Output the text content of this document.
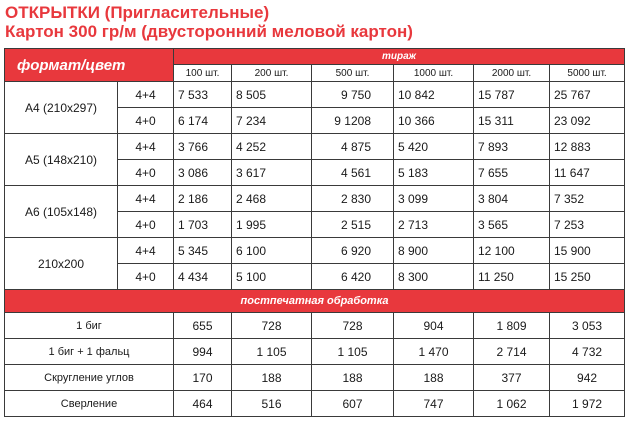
ОТКРЫТКИ (Пригласительные)
Картон 300 гр/м (двусторонний меловой картон)
формат/цвет		тираж					
		100 шт.	200 шт.	500 шт.	1000 шт.	2000 шт.	5000 шт.
А4 (210x297)	4+4	7 533	8 505	9 750	10 842	15 787	25 767
	4+0	6 174	7 234	9 1208	10 366	15 311	23 092
А5 (148x210)	4+4	3 766	4 252	4 875	5 420	7 893	12 883
	4+0	3 086	3 617	4 561	5 183	7 655	11 647
А6 (105x148)	4+4	2 186	2 468	2 830	3 099	3 804	7 352
	4+0	1 703	1 995	2 515	2 713	3 565	7 253
210x200	4+4	5 345	6 100	6 920	8 900	12 100	15 900
	4+0	4 434	5 100	6 420	8 300	11 250	15 250
постпечатная обработка							
1 биг		655	728	728	904	1 809	3 053
1 биг + 1 фальц		994	1 105	1 105	1 470	2 714	4 732
Скругление углов		170	188	188	188	377	942
Сверление		464	516	607	747	1 062	1 972
